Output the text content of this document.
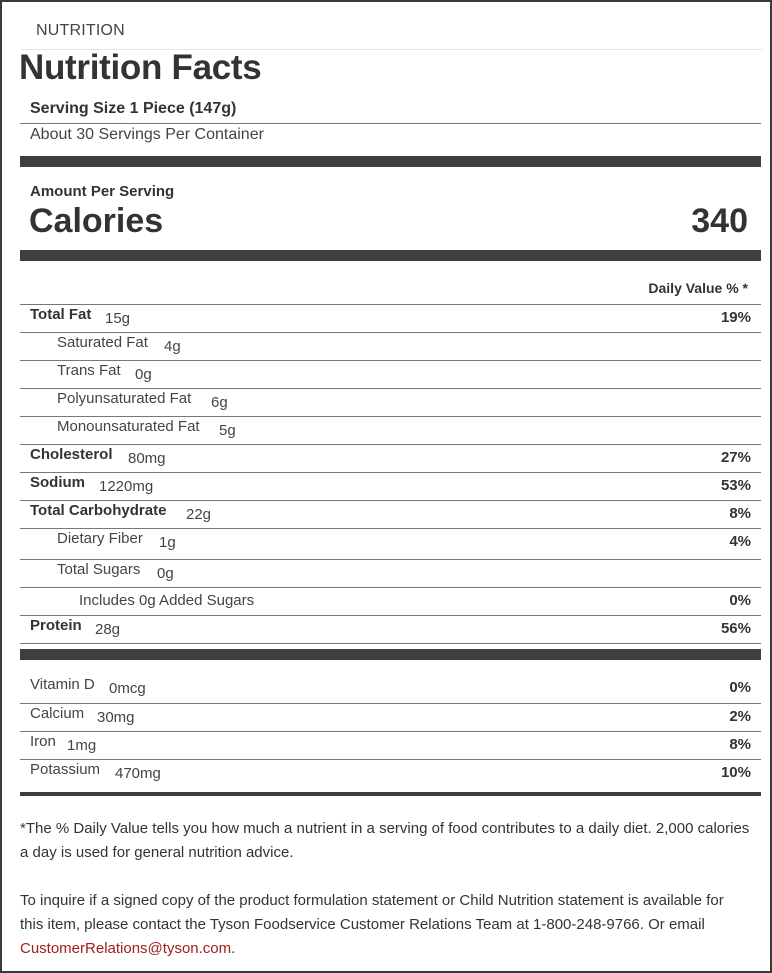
NUTRITION
Nutrition Facts
Serving Size 1 Piece (147g)
About 30 Servings Per Container
Amount Per Serving
Calories	340
Daily Value % *
Total Fat 15g	19%
Saturated Fat 4g
Trans Fat 0g
Polyunsaturated Fat 6g
Monounsaturated Fat 5g
Cholesterol 80mg	27%
Sodium 1220mg	53%
Total Carbohydrate 22g	8%
Dietary Fiber 1g	4%
Total Sugars 0g
Includes 0g Added Sugars	0%
Protein 28g	56%
Vitamin D 0mcg	0%
Calcium 30mg	2%
Iron 1mg	8%
Potassium 470mg	10%
*The % Daily Value tells you how much a nutrient in a serving of food contributes to a daily diet. 2,000 calories a day is used for general nutrition advice.
To inquire if a signed copy of the product formulation statement or Child Nutrition statement is available for this item, please contact the Tyson Foodservice Customer Relations Team at 1-800-248-9766. Or email CustomerRelations@tyson.com.
